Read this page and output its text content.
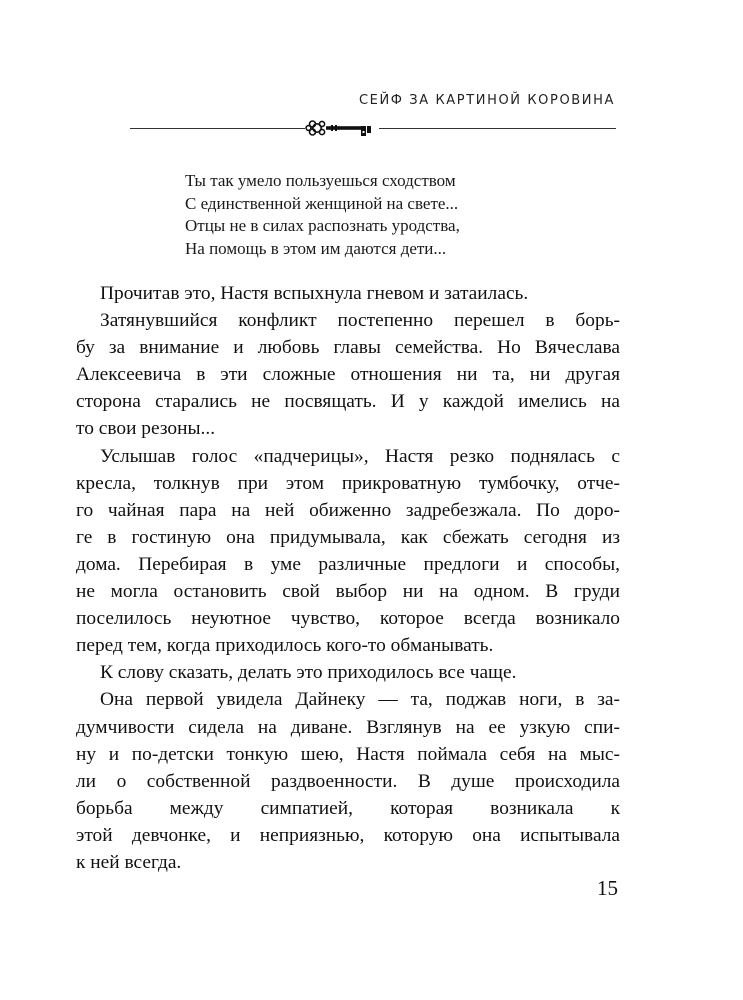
СЕЙФ ЗА КАРТИНОЙ КОРОВИНА
Ты так умело пользуешься сходством
С единственной женщиной на свете...
Отцы не в силах распознать уродства,
На помощь в этом им даются дети...
Прочитав это, Настя вспыхнула гневом и затаилась.
Затянувшийся конфликт постепенно перешел в борь-
бу за внимание и любовь главы семейства. Но Вячеслава
Алексеевича в эти сложные отношения ни та, ни другая
сторона старались не посвящать. И у каждой имелись на
то свои резоны...
Услышав голос «падчерицы», Настя резко поднялась с
кресла, толкнув при этом прикроватную тумбочку, отче-
го чайная пара на ней обиженно задребезжала. По доро-
ге в гостиную она придумывала, как сбежать сегодня из
дома. Перебирая в уме различные предлоги и способы,
не могла остановить свой выбор ни на одном. В груди
поселилось неуютное чувство, которое всегда возникало
перед тем, когда приходилось кого-то обманывать.
К слову сказать, делать это приходилось все чаще.
Она первой увидела Дайнеку — та, поджав ноги, в за-
думчивости сидела на диване. Взглянув на ее узкую спи-
ну и по-детски тонкую шею, Настя поймала себя на мыс-
ли о собственной раздвоенности. В душе происходила
борьба между симпатией, которая возникала к
этой девчонке, и неприязнью, которую она испытывала
к ней всегда.
15
